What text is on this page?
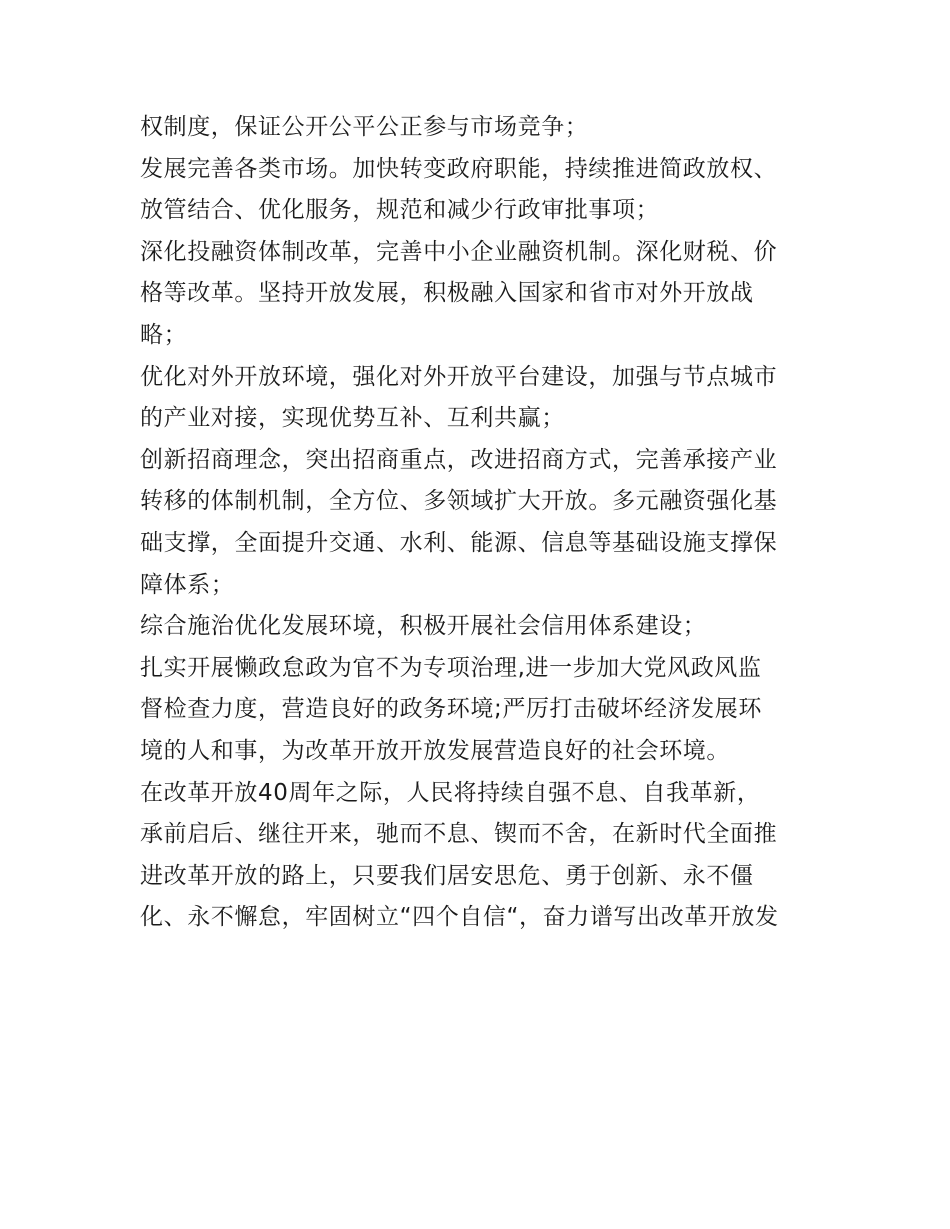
权制度，保证公开公平公正参与市场竞争；
发展完善各类市场。加快转变政府职能，持续推进简政放权、
放管结合、优化服务，规范和减少行政审批事项；
深化投融资体制改革，完善中小企业融资机制。深化财税、价
格等改革。坚持开放发展，积极融入国家和省市对外开放战
略；
优化对外开放环境，强化对外开放平台建设，加强与节点城市
的产业对接，实现优势互补、互利共赢；
创新招商理念，突出招商重点，改进招商方式，完善承接产业
转移的体制机制，全方位、多领域扩大开放。多元融资强化基
础支撑，全面提升交通、水利、能源、信息等基础设施支撑保
障体系；
综合施治优化发展环境，积极开展社会信用体系建设；
扎实开展懒政怠政为官不为专项治理,进一步加大党风政风监
督检查力度，营造良好的政务环境;严厉打击破坏经济发展环
境的人和事，为改革开放开放发展营造良好的社会环境。
在改革开放40周年之际，人民将持续自强不息、自我革新，
承前启后、继往开来，驰而不息、锲而不舍，在新时代全面推
进改革开放的路上，只要我们居安思危、勇于创新、永不僵
化、永不懈怠，牢固树立“四个自信“，奋力谱写出改革开放发
